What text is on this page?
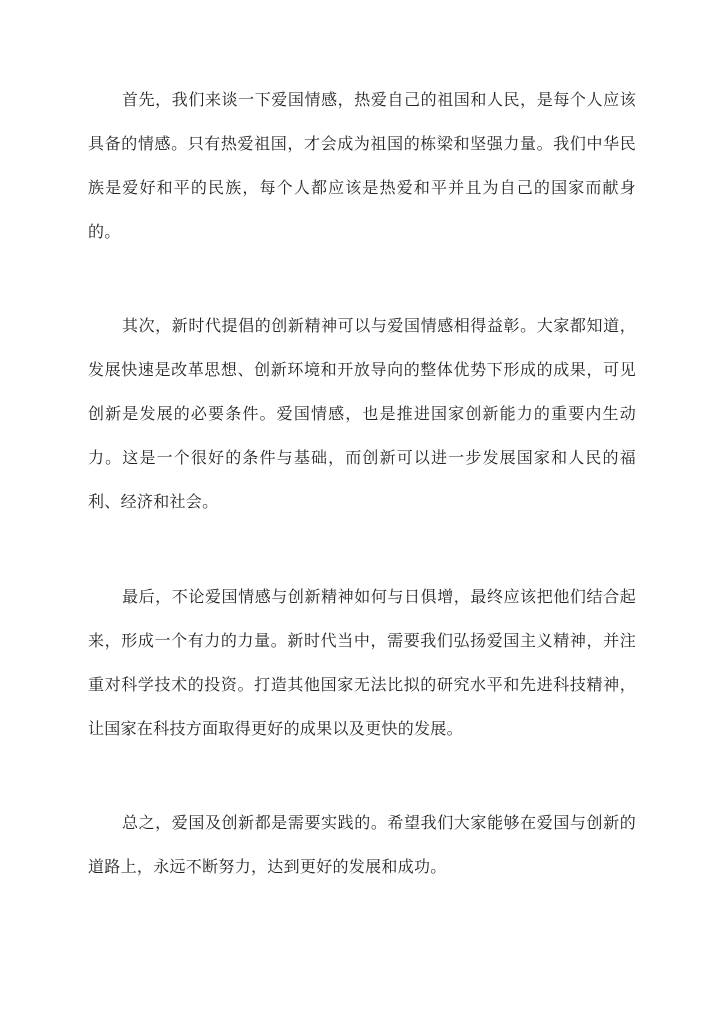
首先，我们来谈一下爱国情感，热爱自己的祖国和人民，是每个人应该具备的情感。只有热爱祖国，才会成为祖国的栋梁和坚强力量。我们中华民族是爱好和平的民族，每个人都应该是热爱和平并且为自己的国家而献身的。

其次，新时代提倡的创新精神可以与爱国情感相得益彰。大家都知道，发展快速是改革思想、创新环境和开放导向的整体优势下形成的成果，可见创新是发展的必要条件。爱国情感，也是推进国家创新能力的重要内生动力。这是一个很好的条件与基础，而创新可以进一步发展国家和人民的福利、经济和社会。

最后，不论爱国情感与创新精神如何与日俱增，最终应该把他们结合起来，形成一个有力的力量。新时代当中，需要我们弘扬爱国主义精神，并注重对科学技术的投资。打造其他国家无法比拟的研究水平和先进科技精神，让国家在科技方面取得更好的成果以及更快的发展。

总之，爱国及创新都是需要实践的。希望我们大家能够在爱国与创新的道路上，永远不断努力，达到更好的发展和成功。
